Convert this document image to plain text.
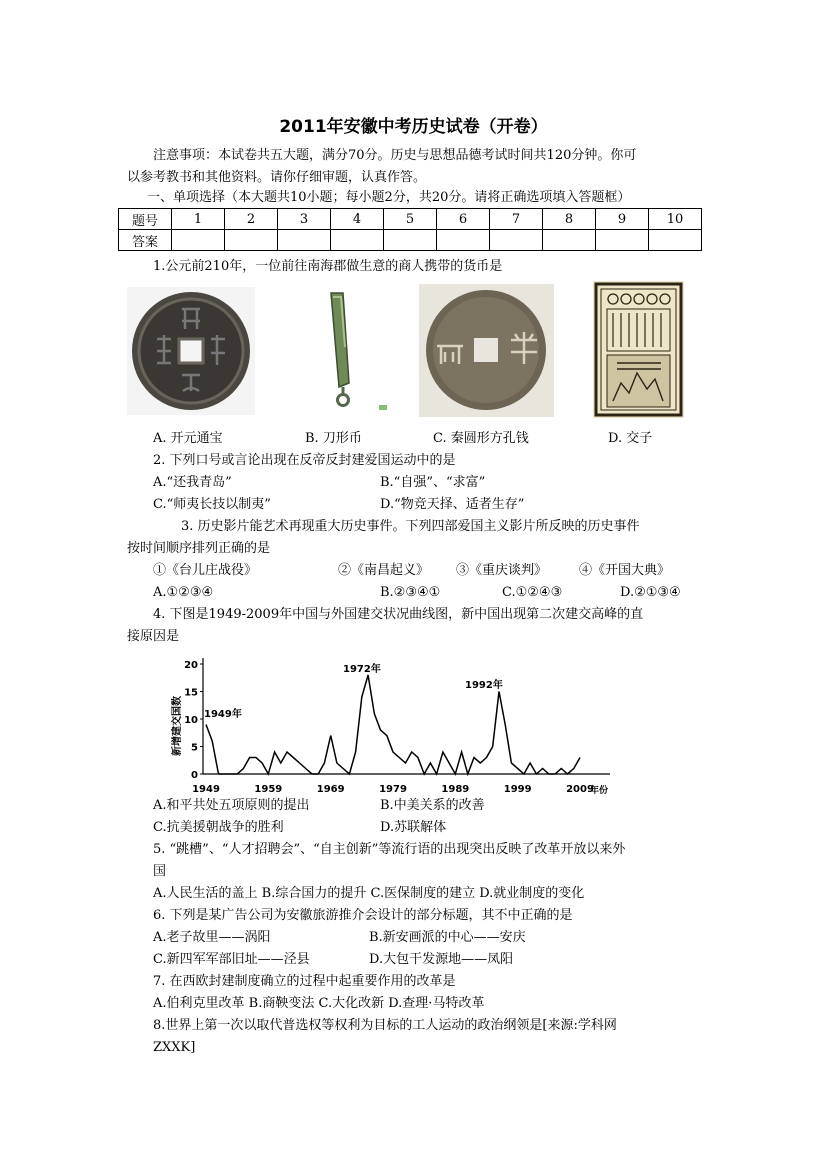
2011年安徽中考历史试卷（开卷）
注意事项：本试卷共五大题，满分70分。历史与思想品德考试时间共120分钟。你可
以参考教书和其他资料。请你仔细审题，认真作答。
一、单项选择（本大题共10小题；每小题2分，共20分。请将正确选项填入答题框）
题号	1	2	3	4	5	6	7	8	9	10
答案										
1.公元前210年，一位前往南海郡做生意的商人携带的货币是
A. 开元通宝	B. 刀形币	C. 秦圆形方孔钱	D. 交子
2. 下列口号或言论出现在反帝反封建爱国运动中的是
A.“还我青岛”	B.“自强”、“求富”
C.“师夷长技以制夷”	D.“物竞天择、适者生存”
3. 历史影片能艺术再现重大历史事件。下列四部爱国主义影片所反映的历史事件
按时间顺序排列正确的是
①《台儿庄战役》	②《南昌起义》 ③《重庆谈判》 ④《开国大典》
A.①②③④	B.②③④①	C.①②④③	D.②①③④
4. 下图是1949-2009年中国与外国建交状况曲线图，新中国出现第二次建交高峰的直
接原因是
新增建交国数
0
5
10
15
20
1949	1959	1969	1979	1989	1999	2009
1949年
1972年
1992年
年份
A.和平共处五项原则的提出	B.中美关系的改善
C.抗美援朝战争的胜利	D.苏联解体
5. “跳槽”、“人才招聘会”、“自主创新”等流行语的出现突出反映了改革开放以来外
国
A.人民生活的盖上 B.综合国力的提升 C.医保制度的建立 D.就业制度的变化
6. 下列是某广告公司为安徽旅游推介会设计的部分标题，其不中正确的是
A.老子故里——涡阳	B.新安画派的中心——安庆
C.新四军军部旧址——泾县	D.大包干发源地——凤阳
7. 在西欧封建制度确立的过程中起重要作用的改革是
A.伯利克里改革 B.商鞅变法 C.大化改新 D.查理·马特改革
8.世界上第一次以取代普选权等权利为目标的工人运动的政治纲领是[来源:学科网
ZXXK]
